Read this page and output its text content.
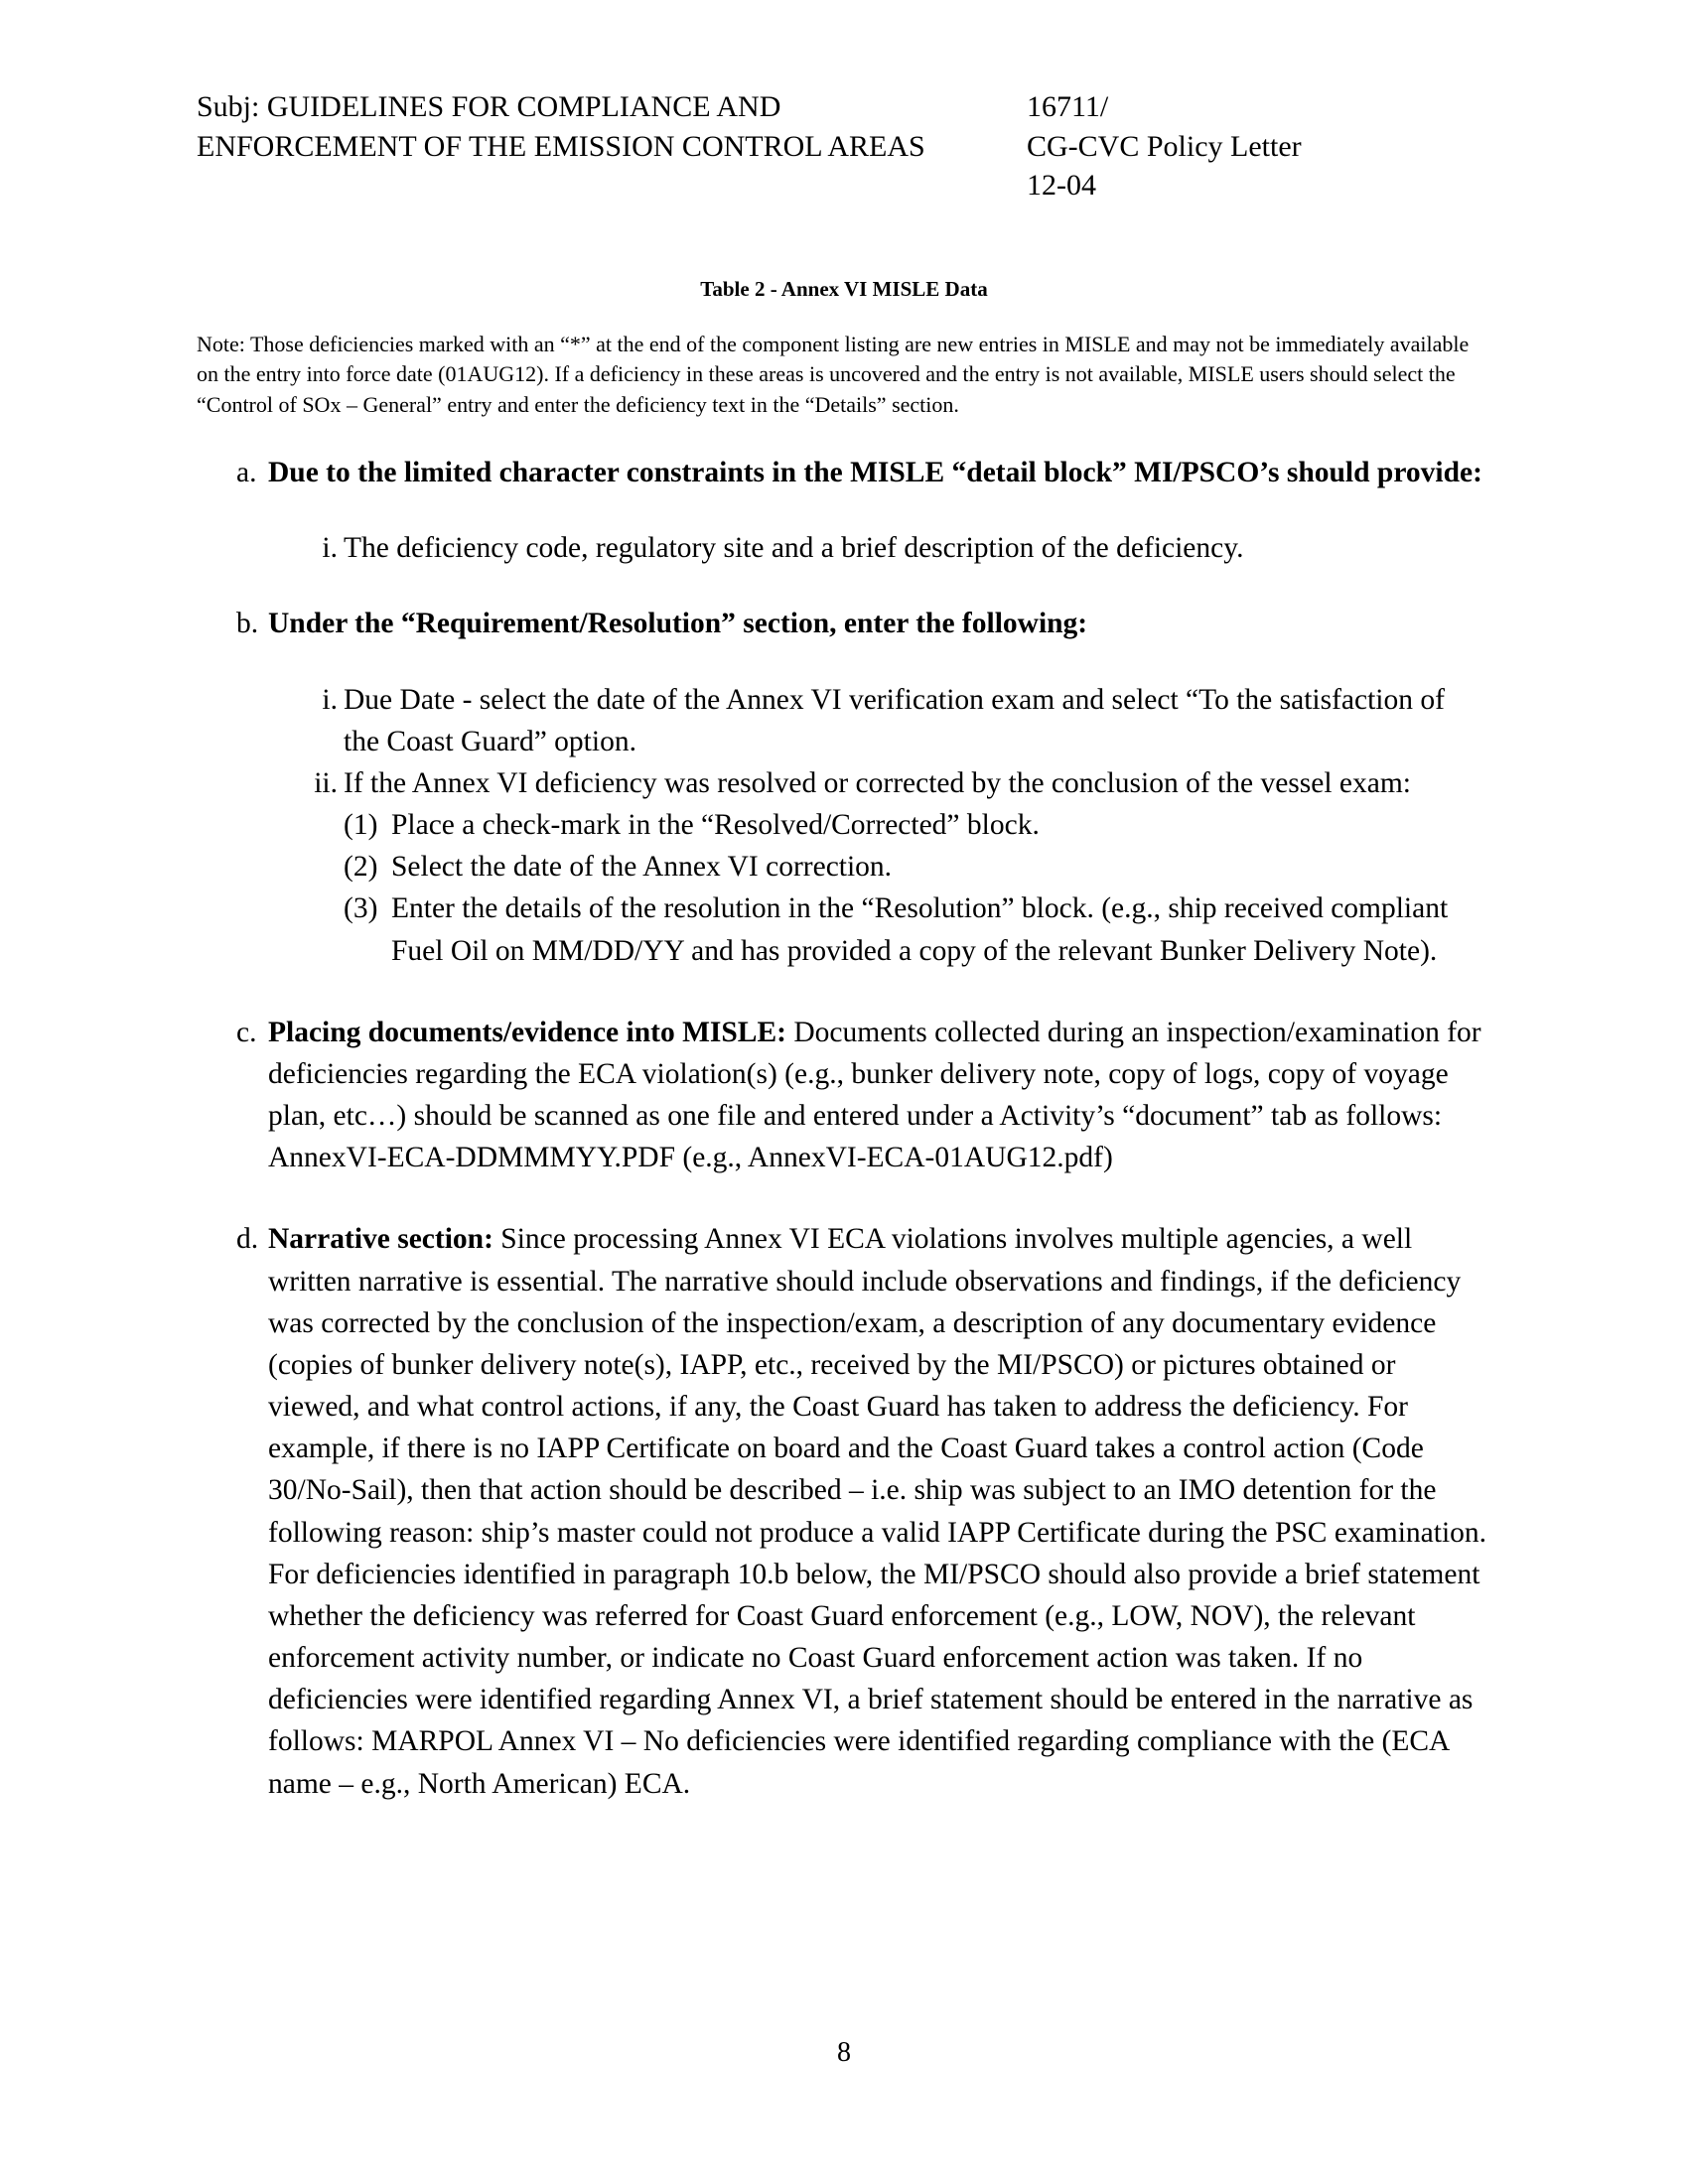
Subj: GUIDELINES FOR COMPLIANCE AND
ENFORCEMENT OF THE EMISSION CONTROL AREAS
16711/
CG-CVC Policy Letter
12-04
Table 2 - Annex VI MISLE Data

Note: Those deficiencies marked with an “*” at the end of the component listing are new entries in MISLE and may not be immediately available on the entry into force date (01AUG12). If a deficiency in these areas is uncovered and the entry is not available, MISLE users should select the “Control of SOx – General” entry and enter the deficiency text in the “Details” section.

a. Due to the limited character constraints in the MISLE “detail block” MI/PSCO’s should provide:
i. The deficiency code, regulatory site and a brief description of the deficiency.
b. Under the “Requirement/Resolution” section, enter the following:
i. Due Date - select the date of the Annex VI verification exam and select “To the satisfaction of the Coast Guard” option.
ii. If the Annex VI deficiency was resolved or corrected by the conclusion of the vessel exam:
(1) Place a check-mark in the “Resolved/Corrected” block.
(2) Select the date of the Annex VI correction.
(3) Enter the details of the resolution in the “Resolution” block. (e.g., ship received compliant Fuel Oil on MM/DD/YY and has provided a copy of the relevant Bunker Delivery Note).
c. Placing documents/evidence into MISLE: Documents collected during an inspection/examination for deficiencies regarding the ECA violation(s) (e.g., bunker delivery note, copy of logs, copy of voyage plan, etc…) should be scanned as one file and entered under a Activity’s “document” tab as follows: AnnexVI-ECA-DDMMMYY.PDF (e.g., AnnexVI-ECA-01AUG12.pdf)
d. Narrative section: Since processing Annex VI ECA violations involves multiple agencies, a well written narrative is essential. The narrative should include observations and findings, if the deficiency was corrected by the conclusion of the inspection/exam, a description of any documentary evidence (copies of bunker delivery note(s), IAPP, etc., received by the MI/PSCO) or pictures obtained or viewed, and what control actions, if any, the Coast Guard has taken to address the deficiency. For example, if there is no IAPP Certificate on board and the Coast Guard takes a control action (Code 30/No-Sail), then that action should be described – i.e. ship was subject to an IMO detention for the following reason: ship’s master could not produce a valid IAPP Certificate during the PSC examination. For deficiencies identified in paragraph 10.b below, the MI/PSCO should also provide a brief statement whether the deficiency was referred for Coast Guard enforcement (e.g., LOW, NOV), the relevant enforcement activity number, or indicate no Coast Guard enforcement action was taken. If no deficiencies were identified regarding Annex VI, a brief statement should be entered in the narrative as follows: MARPOL Annex VI – No deficiencies were identified regarding compliance with the (ECA name – e.g., North American) ECA.
8
